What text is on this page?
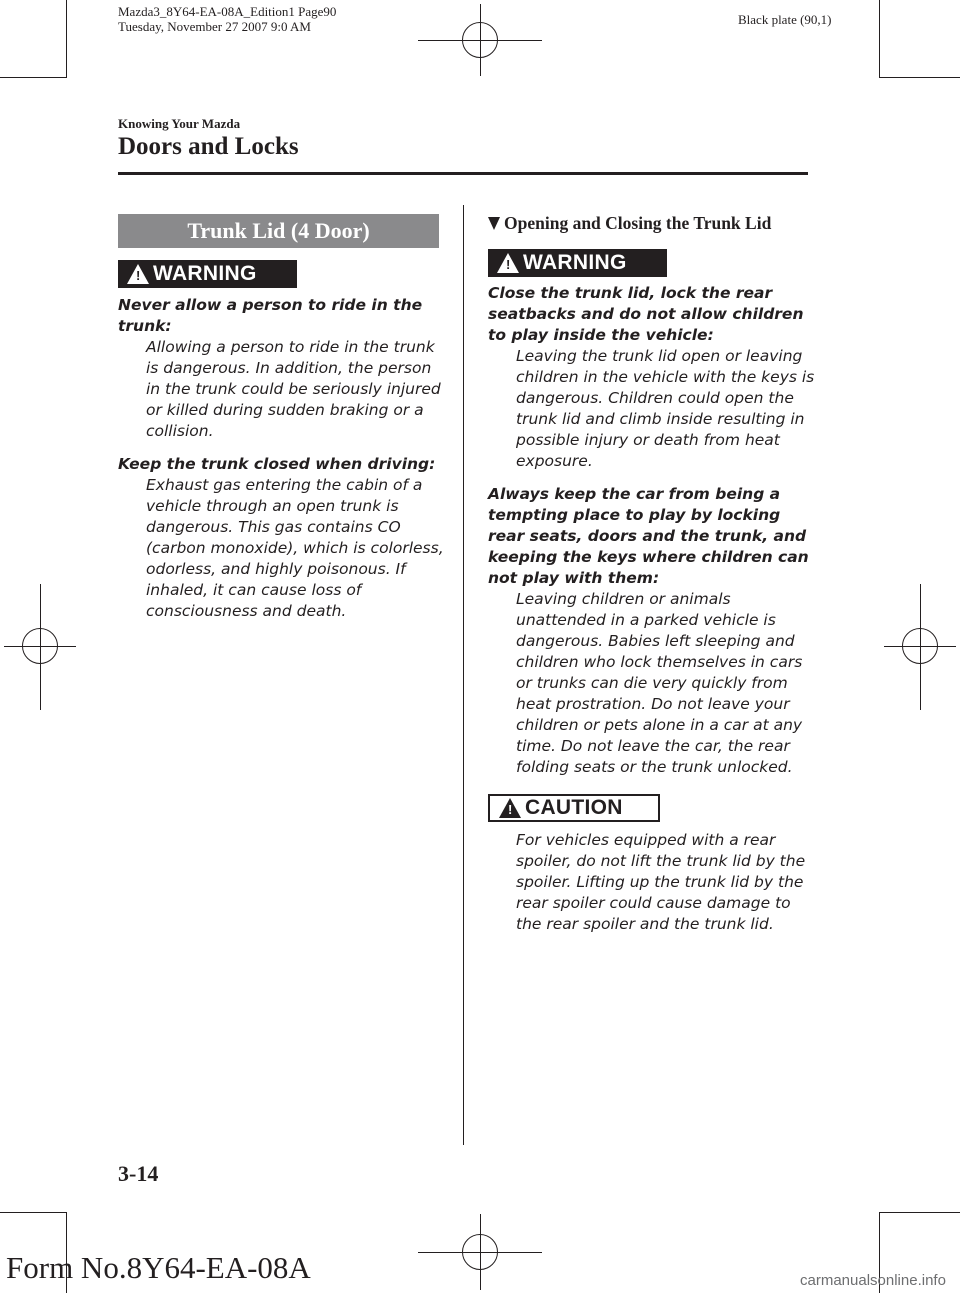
Mazda3_8Y64-EA-08A_Edition1 Page90
Tuesday, November 27 2007 9:0 AM	Black plate (90,1)
Knowing Your Mazda
Doors and Locks
Trunk Lid (4 Door)
! WARNING

Never allow a person to ride in the trunk:

Allowing a person to ride in the trunk is dangerous. In addition, the person in the trunk could be seriously injured or killed during sudden braking or a collision.

Keep the trunk closed when driving:

Exhaust gas entering the cabin of a vehicle through an open trunk is dangerous. This gas contains CO (carbon monoxide), which is colorless, odorless, and highly poisonous. If inhaled, it can cause loss of consciousness and death.

Opening and Closing the Trunk Lid
! WARNING

Close the trunk lid, lock the rear seatbacks and do not allow children to play inside the vehicle:

Leaving the trunk lid open or leaving children in the vehicle with the keys is dangerous. Children could open the trunk lid and climb inside resulting in possible injury or death from heat exposure.

Always keep the car from being a tempting place to play by locking rear seats, doors and the trunk, and keeping the keys where children can not play with them:

Leaving children or animals unattended in a parked vehicle is dangerous. Babies left sleeping and children who lock themselves in cars or trunks can die very quickly from heat prostration. Do not leave your children or pets alone in a car at any time. Do not leave the car, the rear folding seats or the trunk unlocked.

! CAUTION

For vehicles equipped with a rear spoiler, do not lift the trunk lid by the spoiler. Lifting up the trunk lid by the rear spoiler could cause damage to the rear spoiler and the trunk lid.

3-14
Form No.8Y64-EA-08A	carmanualsonline.info
